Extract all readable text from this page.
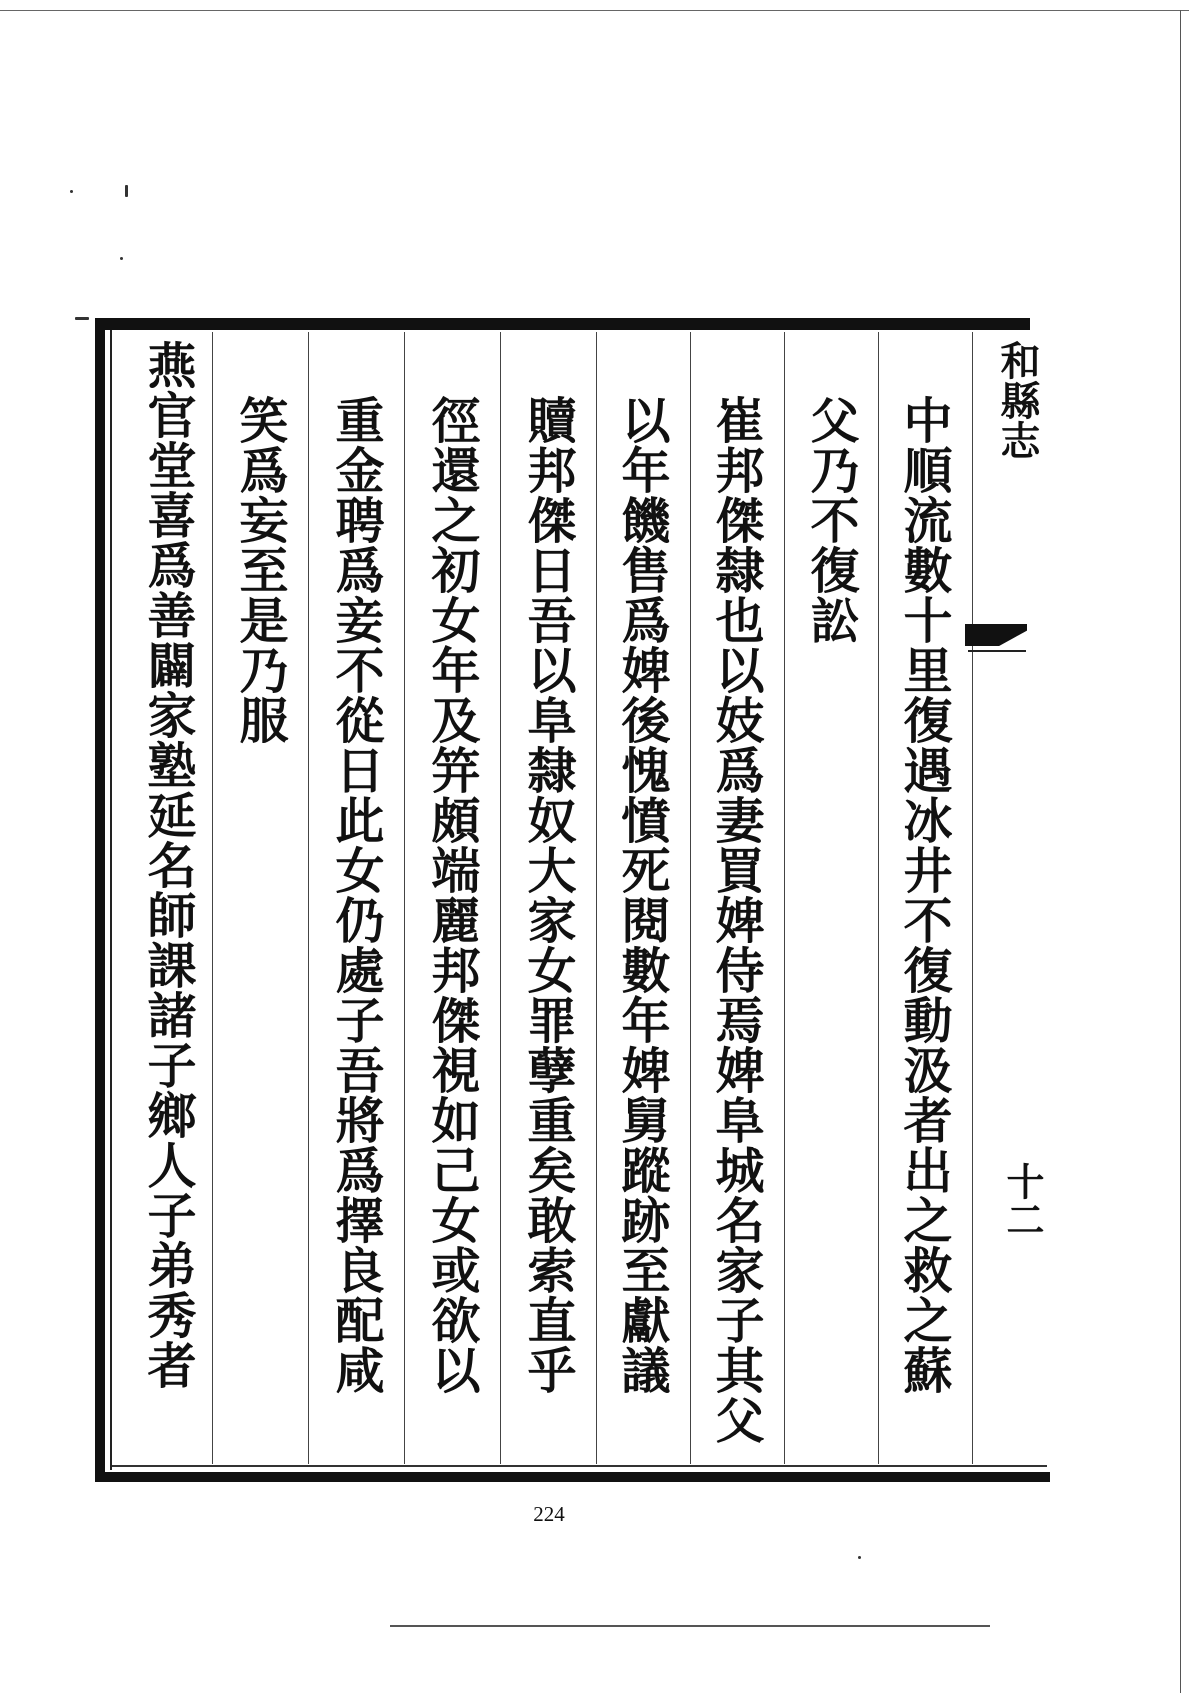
和縣志
十二
中順流數十里復遇冰井不復動汲者出之救之蘇
父乃不復訟
崔邦傑隸也以妓爲妻買婢侍焉婢阜城名家子其父
以年饑售爲婢後愧憤死閱數年婢舅蹤跡至獻議
贖邦傑日吾以阜隸奴大家女罪孽重矣敢索直乎
徑還之初女年及笄頗端麗邦傑視如己女或欲以
重金聘爲妾不從日此女仍處子吾將爲擇良配咸
笑爲妄至是乃服
燕官堂喜爲善闢家塾延名師課諸子鄉人子弟秀者
224
